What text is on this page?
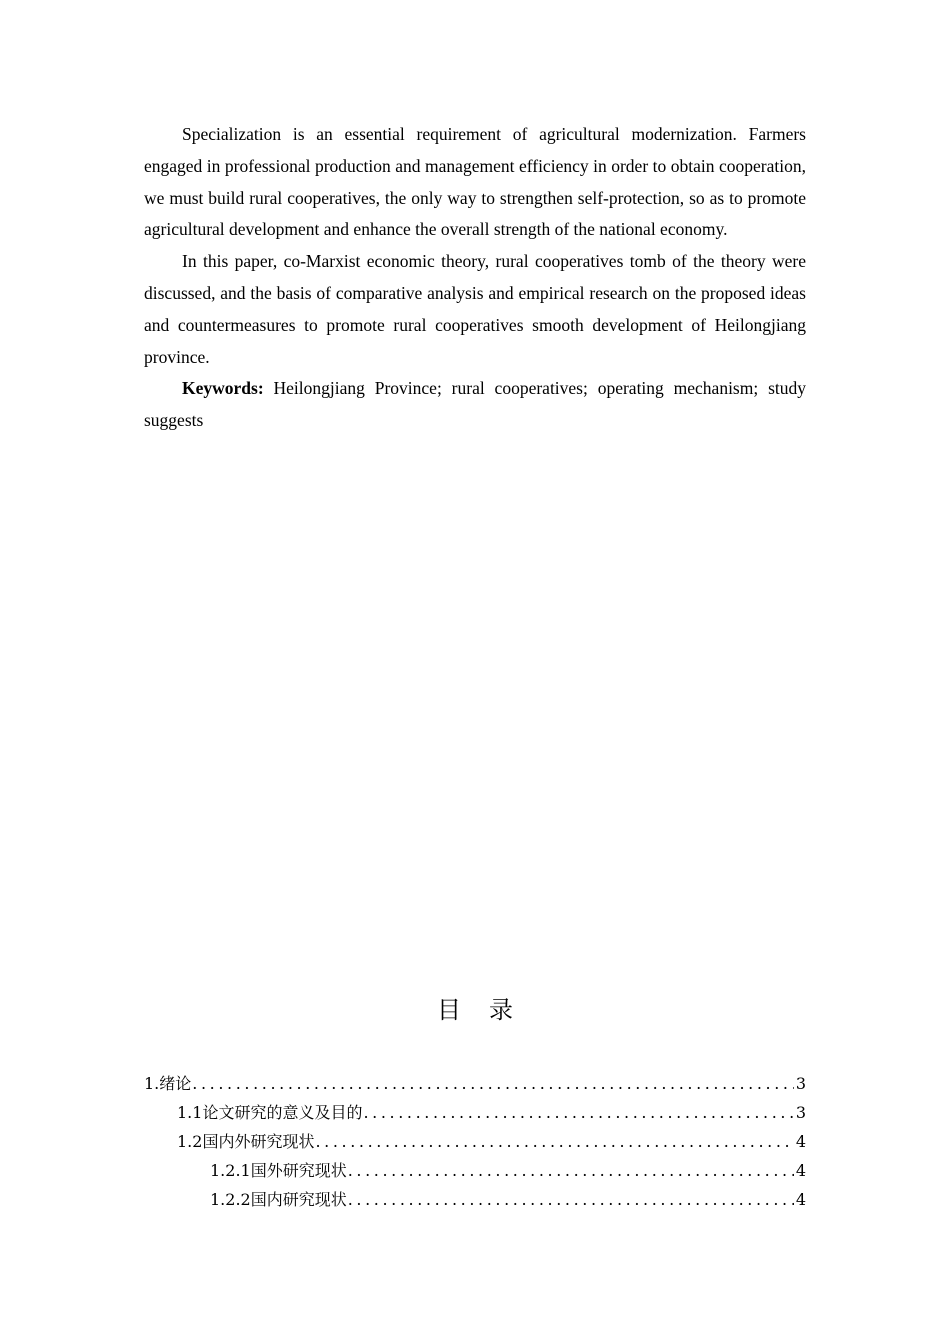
Specialization is an essential requirement of agricultural modernization. Farmers engaged in professional production and management efficiency in order to obtain cooperation, we must build rural cooperatives, the only way to strengthen self-protection, so as to promote agricultural development and enhance the overall strength of the national economy.

In this paper, co-Marxist economic theory, rural cooperatives tomb of the theory were discussed, and the basis of comparative analysis and empirical research on the proposed ideas and countermeasures to promote rural cooperatives smooth development of Heilongjiang province.

Keywords: Heilongjiang Province; rural cooperatives; operating mechanism; study suggests

目录
1. 绪论 .....	3
1.1 论文研究的意义及目的 .....	3
1.2 国内外研究现状 .....	4
1.2.1 国外研究现状 .....	4
1.2.2 国内研究现状 .....	4
